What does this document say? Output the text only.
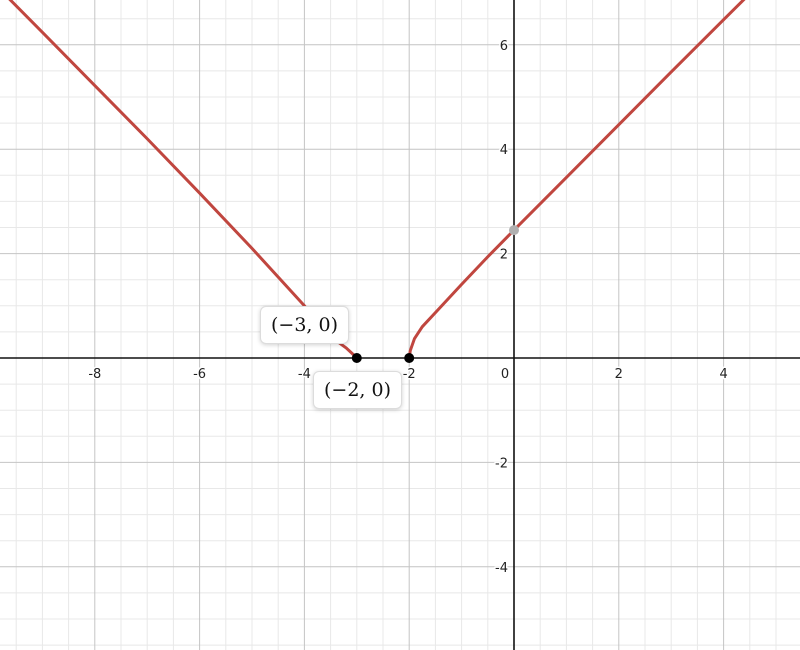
-8	-6	-4	-2	0	2	4
-4
-2
2
4
6
(−3, 0)
(−2, 0)
